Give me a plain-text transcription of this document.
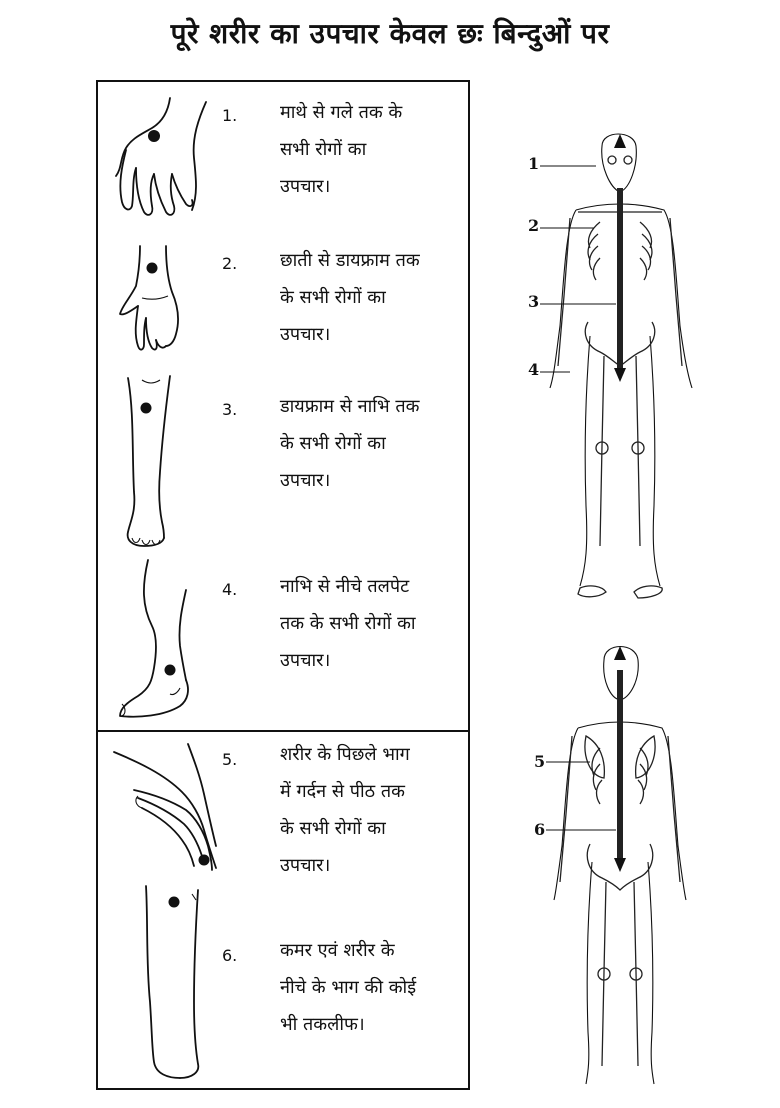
पूरे शरीर का उपचार केवल छः बिन्दुओं पर
1. माथे से गले तक के
सभी रोगों का
उपचार।
2. छाती से डायफ्राम तक
के सभी रोगों का
उपचार।
3. डायफ्राम से नाभि तक
के सभी रोगों का
उपचार।
4. नाभि से नीचे तलपेट
तक के सभी रोगों का
उपचार।
5. शरीर के पिछले भाग
में गर्दन से पीठ तक
के सभी रोगों का
उपचार।
6. कमर एवं शरीर के
नीचे के भाग की कोई
भी तकलीफ।
1
2
3
4
5
6
